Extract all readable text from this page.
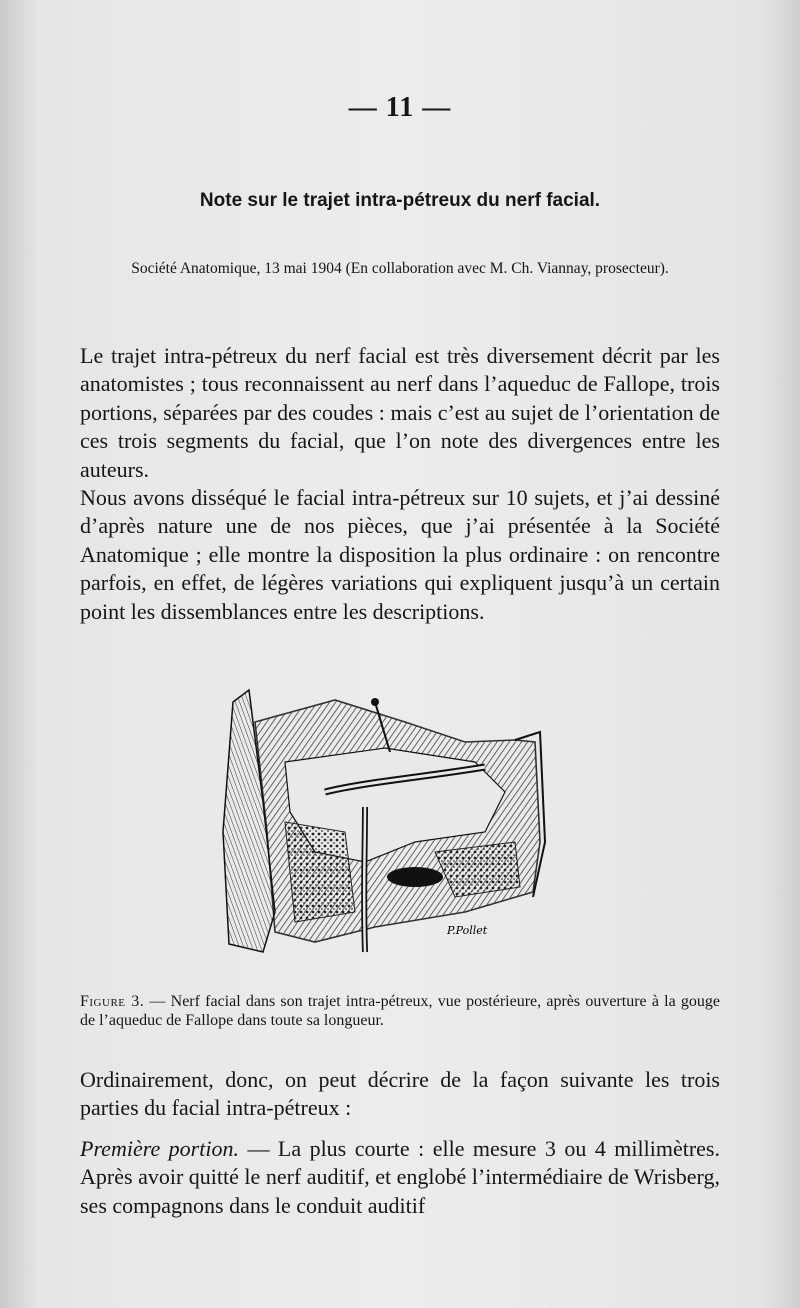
— 11 —
Note sur le trajet intra-pétreux du nerf facial.
Société Anatomique, 13 mai 1904 (En collaboration avec M. Ch. Viannay, prosecteur).

Le trajet intra-pétreux du nerf facial est très diversement décrit par les anatomistes ; tous reconnaissent au nerf dans l’aqueduc de Fallope, trois portions, séparées par des coudes : mais c’est au sujet de l’orientation de ces trois segments du facial, que l’on note des divergences entre les auteurs.

Nous avons disséqué le facial intra-pétreux sur 10 sujets, et j’ai dessiné d’après nature une de nos pièces, que j’ai présentée à la Société Anatomique ; elle montre la disposition la plus ordinaire : on rencontre parfois, en effet, de légères variations qui expliquent jusqu’à un certain point les dissemblances entre les descriptions.

P.Pollet
Figure 3. — Nerf facial dans son trajet intra-pétreux, vue postérieure, après ouverture à la gouge de l’aqueduc de Fallope dans toute sa longueur.

Ordinairement, donc, on peut décrire de la façon suivante les trois parties du facial intra-pétreux :

Première portion. — La plus courte : elle mesure 3 ou 4 millimètres. Après avoir quitté le nerf auditif, et englobé l’intermédiaire de Wrisberg, ses compagnons dans le conduit auditif
